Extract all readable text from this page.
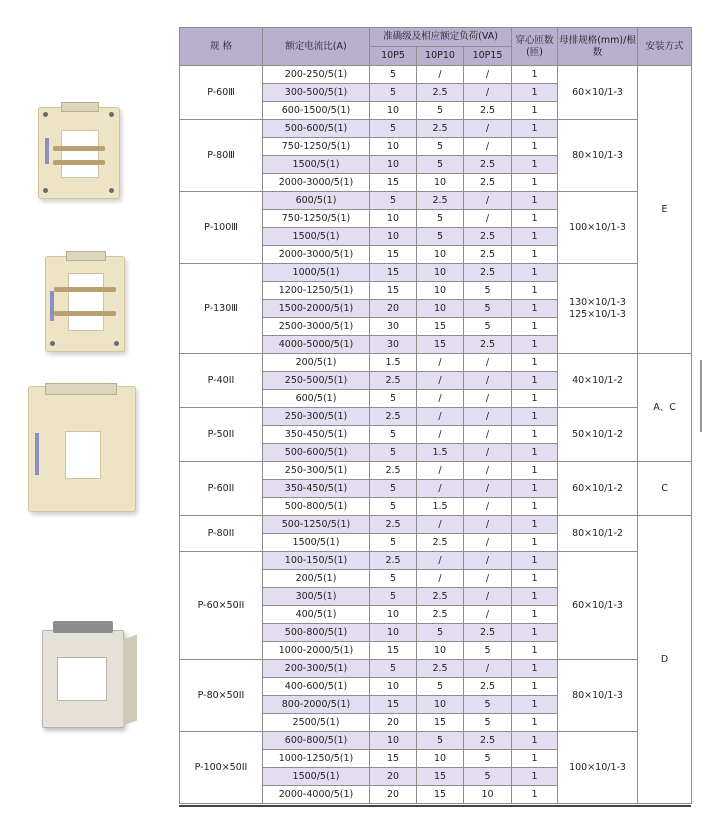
规 格	额定电流比(A)	准确级及相应额定负荷(VA)			穿心匝数(匝)	母排规格(mm)/根数	安装方式
		10P5	10P10	10P15			
P-60Ⅲ	200-250/5(1)	5	/	/	1	60×10/1-3	E
	300-500/5(1)	5	2.5	/	1		
	600-1500/5(1)	10	5	2.5	1		
P-80Ⅲ	500-600/5(1)	5	2.5	/	1	80×10/1-3	

	750-1250/5(1)	10	5	/	1		
	1500/5(1)	10	5	2.5	1		
	2000-3000/5(1)	15	10	2.5	1		
P-100Ⅲ	600/5(1)	5	2.5	/	1	100×10/1-3	

	750-1250/5(1)	10	5	/	1		
	1500/5(1)	10	5	2.5	1		
	2000-3000/5(1)	15	10	2.5	1		
P-130Ⅲ	1000/5(1)	15	10	2.5	1	130×10/1-3
125×10/1-3	

	1200-1250/5(1)	15	10	5	1		
	1500-2000/5(1)	20	10	5	1		
	2500-3000/5(1)	30	15	5	1		
	4000-5000/5(1)	30	15	2.5	1		
P-40ⅠⅠ	200/5(1)	1.5	/	/	1	40×10/1-2	A、C
	250-500/5(1)	2.5	/	/	1		
	600/5(1)	5	/	/	1		
P-50ⅠⅠ	250-300/5(1)	2.5	/	/	1	50×10/1-2	

	350-450/5(1)	5	/	/	1		
	500-600/5(1)	5	1.5	/	1		
P-60ⅠⅠ	250-300/5(1)	2.5	/	/	1	60×10/1-2	C
	350-450/5(1)	5	/	/	1		
	500-800/5(1)	5	1.5	/	1		
P-80ⅠⅠ	500-1250/5(1)	2.5	/	/	1	80×10/1-2	D
	1500/5(1)	5	2.5	/	1		
P-60×50ⅠⅠ	100-150/5(1)	2.5	/	/	1	60×10/1-3	

	200/5(1)	5	/	/	1		
	300/5(1)	5	2.5	/	1		
	400/5(1)	10	2.5	/	1		
	500-800/5(1)	10	5	2.5	1		
	1000-2000/5(1)	15	10	5	1		
P-80×50ⅠⅠ	200-300/5(1)	5	2.5	/	1	80×10/1-3	

	400-600/5(1)	10	5	2.5	1		
	800-2000/5(1)	15	10	5	1		
	2500/5(1)	20	15	5	1		
P-100×50ⅠⅠ	600-800/5(1)	10	5	2.5	1	100×10/1-3	

	1000-1250/5(1)	15	10	5	1		
	1500/5(1)	20	15	5	1		
	2000-4000/5(1)	20	15	10	1		
